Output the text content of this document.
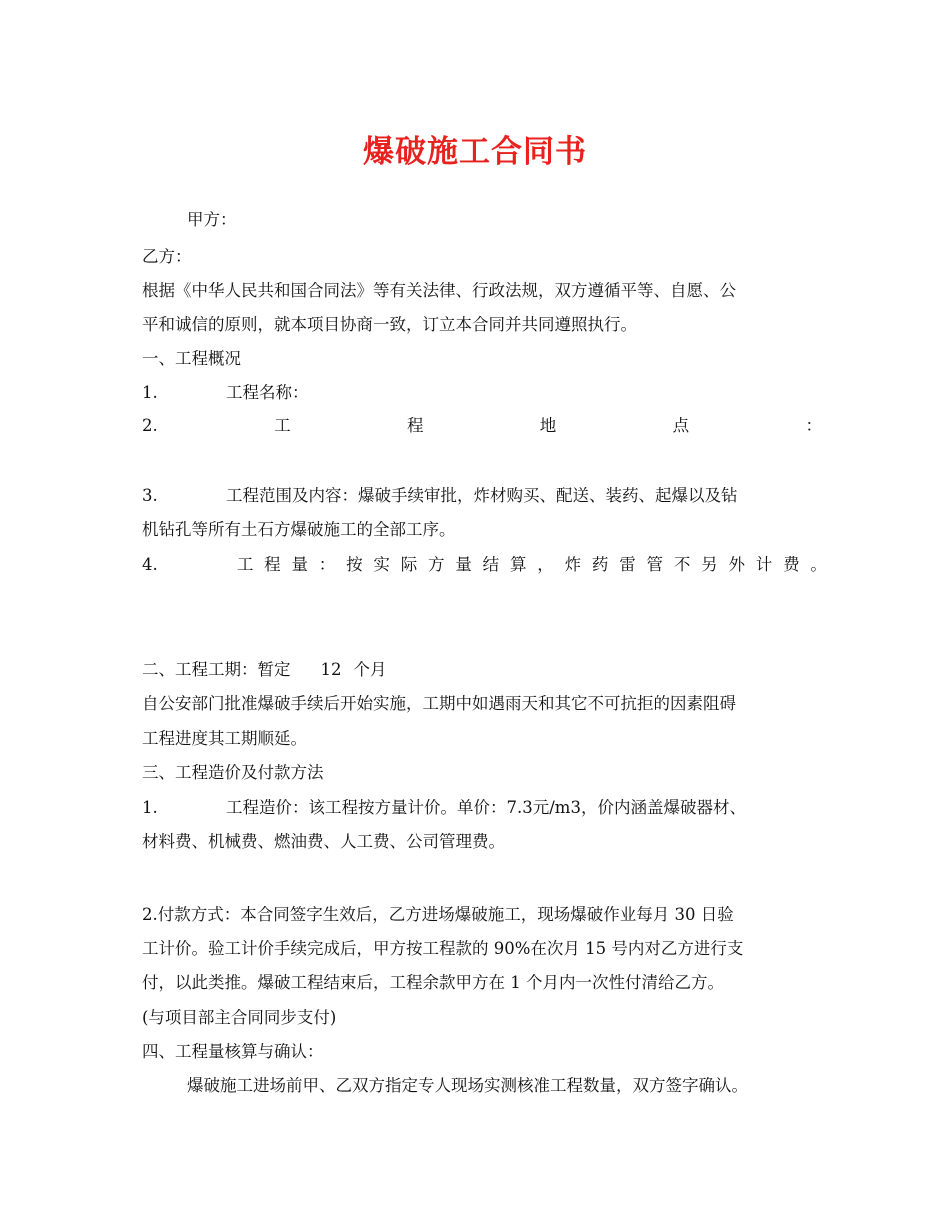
爆破施工合同书
甲方：
乙方：
根据《中华人民共和国合同法》等有关法律、行政法规，双方遵循平等、自愿、公
平和诚信的原则，就本项目协商一致，订立本合同并共同遵照执行。
一、工程概况
1.	工程名称：
2.	工	程	地	点	：
3.	工程范围及内容：爆破手续审批，炸材购买、配送、装药、起爆以及钻
机钻孔等所有土石方爆破施工的全部工序。
4.	工 程 量 ： 按 实 际 方 量 结 算 ， 炸 药 雷 管 不 另 外 计 费 。
二、工程工期：暂定 12 个月
自公安部门批准爆破手续后开始实施，工期中如遇雨天和其它不可抗拒的因素阻碍
工程进度其工期顺延。
三、工程造价及付款方法
1.	工程造价：该工程按方量计价。单价：7.3元/m3，价内涵盖爆破器材、
材料费、机械费、燃油费、人工费、公司管理费。
2.付款方式：本合同签字生效后，乙方进场爆破施工，现场爆破作业每月 30 日验
工计价。验工计价手续完成后，甲方按工程款的 90%在次月 15 号内对乙方进行支
付，以此类推。爆破工程结束后，工程余款甲方在 1 个月内一次性付清给乙方。
(与项目部主合同同步支付)
四、工程量核算与确认：
爆破施工进场前甲、乙双方指定专人现场实测核准工程数量，双方签字确认。
